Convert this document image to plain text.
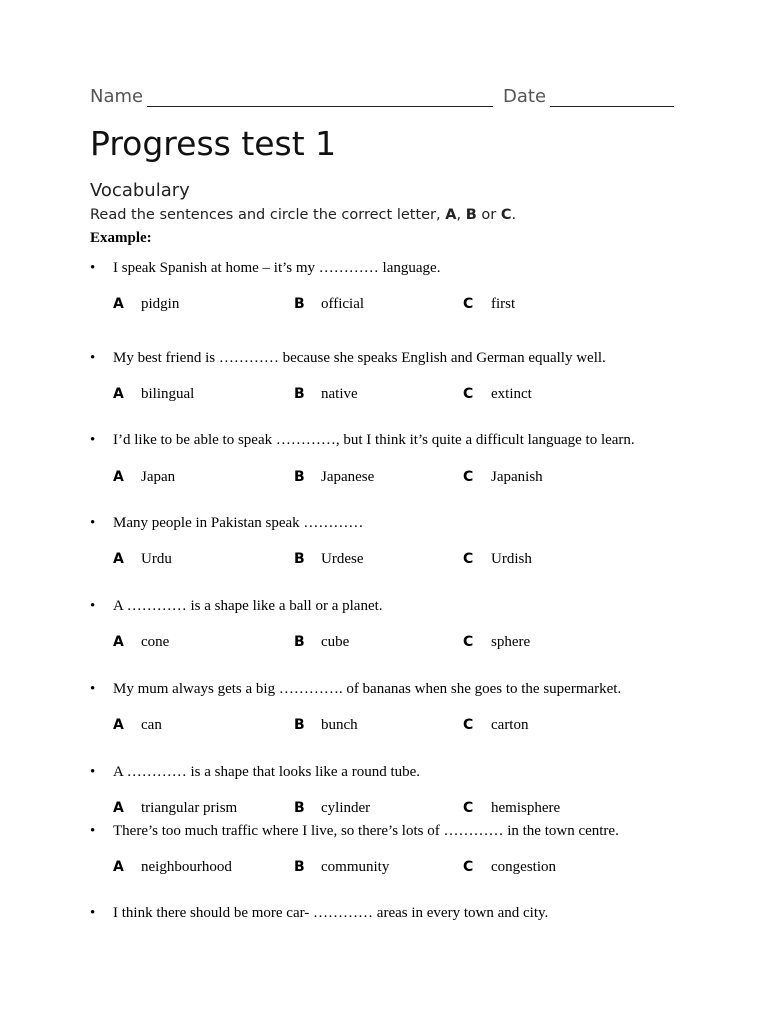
Name	Date
Progress test 1
Vocabulary
Read the sentences and circle the correct letter, A, B or C.
Example:
• I speak Spanish at home – it’s my ………… language.
A pidgin	B official	C first
• My best friend is ………… because she speaks English and German equally well.
A bilingual	B native	C extinct
• I’d like to be able to speak …………, but I think it’s quite a difficult language to learn.
A Japan	B Japanese	C Japanish
• Many people in Pakistan speak …………
A Urdu	B Urdese	C Urdish
• A ………… is a shape like a ball or a planet.
A cone	B cube	C sphere
• My mum always gets a big …………. of bananas when she goes to the supermarket.
A can	B bunch	C carton
• A ………… is a shape that looks like a round tube.
A triangular prism	B cylinder	C hemisphere
• There’s too much traffic where I live, so there’s lots of ………… in the town centre.
A neighbourhood	B community	C congestion
• I think there should be more car- ………… areas in every town and city.
